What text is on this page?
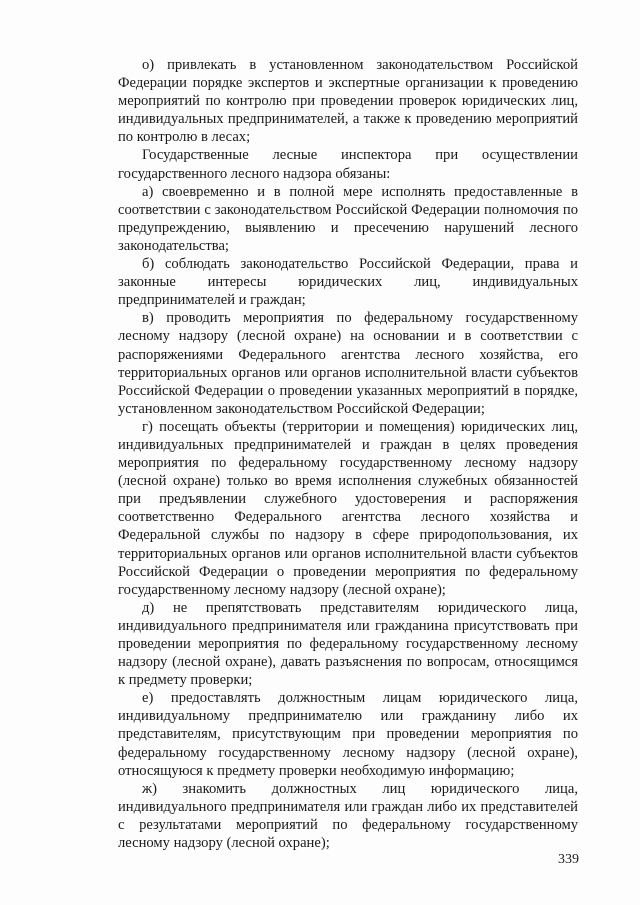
о) привлекать в установленном законодательством Российской Федерации порядке экспертов и экспертные организации к проведению мероприятий по контролю при проведении проверок юридических лиц, индивидуальных предпринимателей, а также к проведению мероприятий по контролю в лесах;

Государственные лесные инспектора при осуществлении государственного лесного надзора обязаны:

а) своевременно и в полной мере исполнять предоставленные в соответствии с законодательством Российской Федерации полномочия по предупреждению, выявлению и пресечению нарушений лесного законодательства;

б) соблюдать законодательство Российской Федерации, права и законные интересы юридических лиц, индивидуальных предпринимателей и граждан;

в) проводить мероприятия по федеральному государственному лесному надзору (лесной охране) на основании и в соответствии с распоряжениями Федерального агентства лесного хозяйства, его территориальных органов или органов исполнительной власти субъектов Российской Федерации о проведении указанных мероприятий в порядке, установленном законодательством Российской Федерации;

г) посещать объекты (территории и помещения) юридических лиц, индивидуальных предпринимателей и граждан в целях проведения мероприятия по федеральному государственному лесному надзору (лесной охране) только во время исполнения служебных обязанностей при предъявлении служебного удостоверения и распоряжения соответственно Федерального агентства лесного хозяйства и Федеральной службы по надзору в сфере природопользования, их территориальных органов или органов исполнительной власти субъектов Российской Федерации о проведении мероприятия по федеральному государственному лесному надзору (лесной охране);

д) не препятствовать представителям юридического лица, индивидуального предпринимателя или гражданина присутствовать при проведении мероприятия по федеральному государственному лесному надзору (лесной охране), давать разъяснения по вопросам, относящимся к предмету проверки;

е) предоставлять должностным лицам юридического лица, индивидуальному предпринимателю или гражданину либо их представителям, присутствующим при проведении мероприятия по федеральному государственному лесному надзору (лесной охране), относящуюся к предмету проверки необходимую информацию;

ж) знакомить должностных лиц юридического лица, индивидуального предпринимателя или граждан либо их представителей с результатами мероприятий по федеральному государственному лесному надзору (лесной охране);

339
